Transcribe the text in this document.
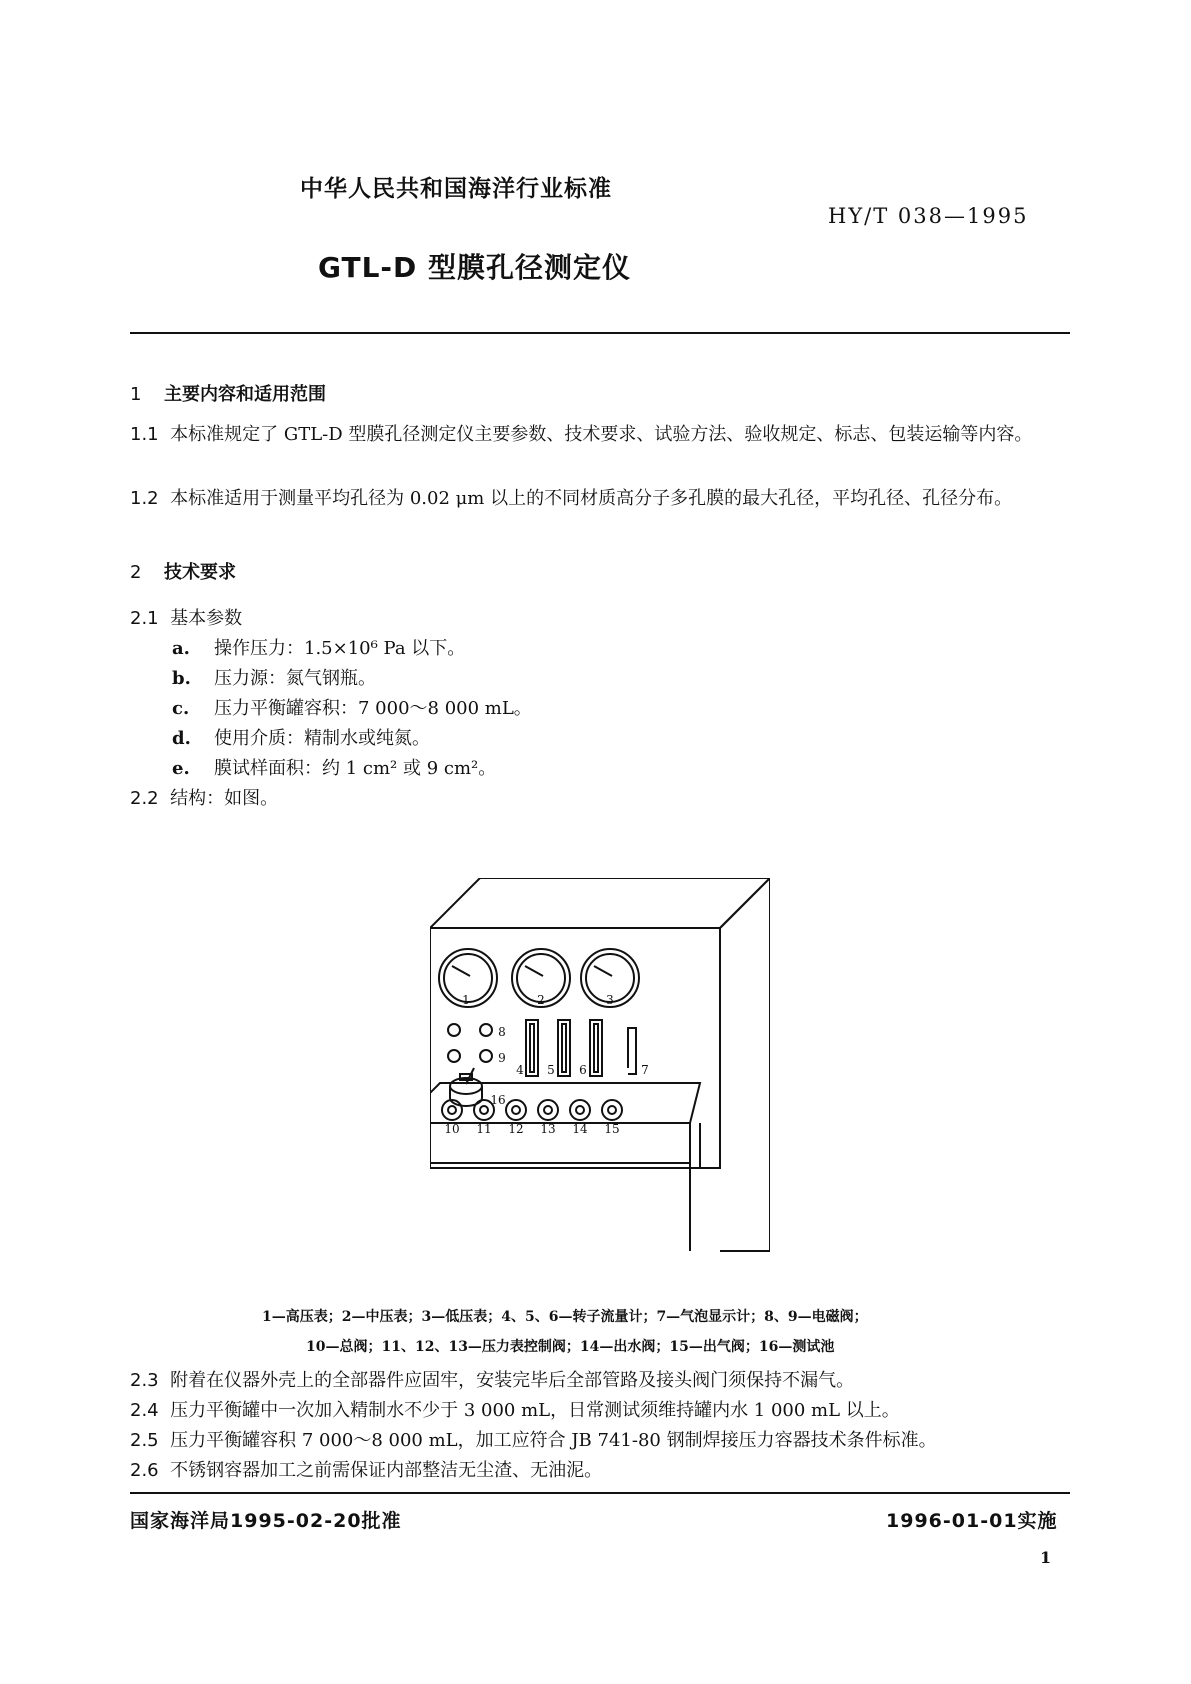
中华人民共和国海洋行业标准
HY/T 038—1995
GTL-D 型膜孔径测定仪
1 主要内容和适用范围
1.1 本标准规定了 GTL-D 型膜孔径测定仪主要参数、技术要求、试验方法、验收规定、标志、包装运输等内容。
1.2 本标准适用于测量平均孔径为 0.02 μm 以上的不同材质高分子多孔膜的最大孔径，平均孔径、孔径分布。
2 技术要求
2.1 基本参数
a. 操作压力：1.5×10⁶ Pa 以下。
b. 压力源：氮气钢瓶。
c. 压力平衡罐容积：7 000～8 000 mL。
d. 使用介质：精制水或纯氮。
e. 膜试样面积：约 1 cm² 或 9 cm²。
2.2 结构：如图。
1	2	3
4 5 6	7
8
9
10 11 12 13 14 15
16
1—高压表；2—中压表；3—低压表；4、5、6—转子流量计；7—气泡显示计；8、9—电磁阀；
10—总阀；11、12、13—压力表控制阀；14—出水阀；15—出气阀；16—测试池
2.3 附着在仪器外壳上的全部器件应固牢，安装完毕后全部管路及接头阀门须保持不漏气。
2.4 压力平衡罐中一次加入精制水不少于 3 000 mL，日常测试须维持罐内水 1 000 mL 以上。
2.5 压力平衡罐容积 7 000～8 000 mL，加工应符合 JB 741-80 钢制焊接压力容器技术条件标准。
2.6 不锈钢容器加工之前需保证内部整洁无尘渣、无油泥。
国家海洋局1995-02-20批准	1996-01-01实施
1
